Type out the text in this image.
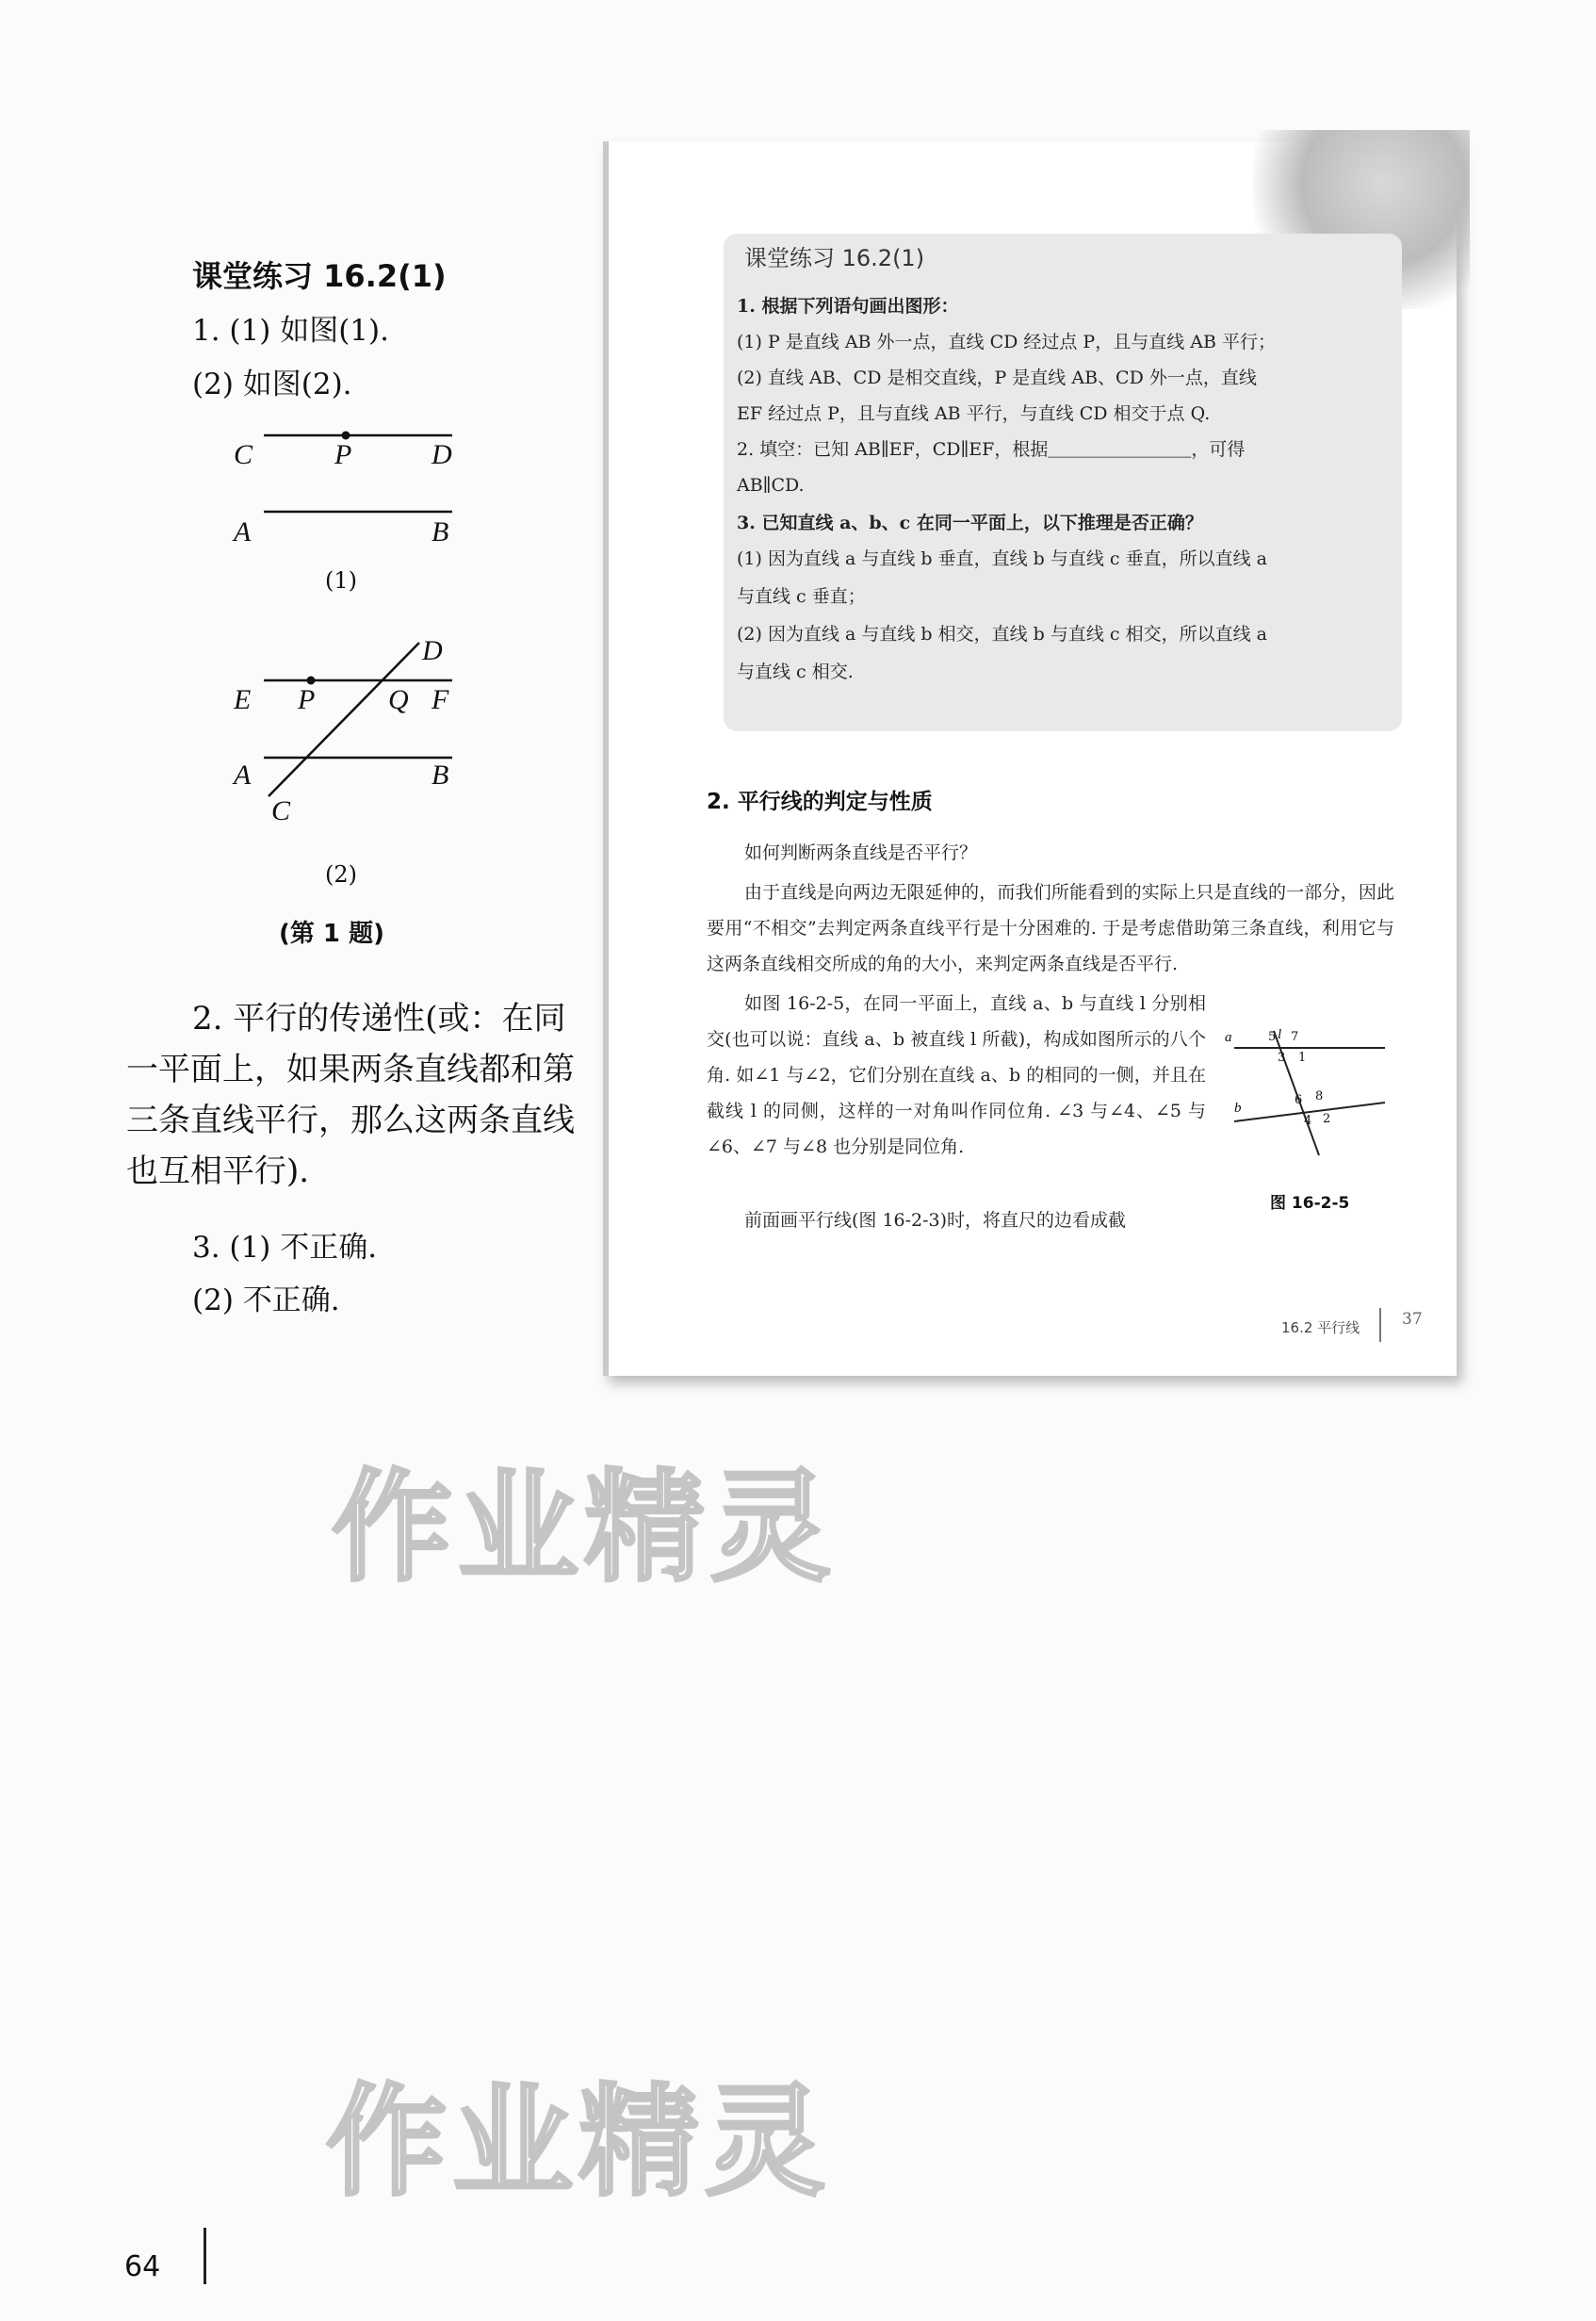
课堂练习 16.2(1)
1. (1) 如图(1).
(2) 如图(2).
C	P	D
A	B
(1)
D
E P	Q F
A	B
C
(2)
(第 1 题)
2. 平行的传递性(或：在同一平面上，如果两条直线都和第三条直线平行，那么这两条直线也互相平行).
3. (1) 不正确.
(2) 不正确.
课堂练习 16.2(1)
1. 根据下列语句画出图形：
(1) P 是直线 AB 外一点，直线 CD 经过点 P，且与直线 AB 平行；
(2) 直线 AB、CD 是相交直线，P 是直线 AB、CD 外一点，直线
EF 经过点 P，且与直线 AB 平行，与直线 CD 相交于点 Q.
2. 填空：已知 AB∥EF，CD∥EF，根据＿＿＿＿＿＿＿＿，可得
AB∥CD.
3. 已知直线 a、b、c 在同一平面上，以下推理是否正确？
(1) 因为直线 a 与直线 b 垂直，直线 b 与直线 c 垂直，所以直线 a
与直线 c 垂直；
(2) 因为直线 a 与直线 b 相交，直线 b 与直线 c 相交，所以直线 a
与直线 c 相交.
2. 平行线的判定与性质
如何判断两条直线是否平行？
由于直线是向两边无限延伸的，而我们所能看到的实际上只是直线的一部分，因此要用“不相交”去判定两条直线平行是十分困难的. 于是考虑借助第三条直线，利用它与这两条直线相交所成的角的大小，来判定两条直线是否平行.
如图 16-2-5，在同一平面上，直线 a、b 与直线 l 分别相交(也可以说：直线 a、b 被直线 l 所截)，构成如图所示的八个角. 如∠1 与∠2，它们分别在直线 a、b 的相同的一侧，并且在截线 l 的同侧，这样的一对角叫作同位角. ∠3 与∠4、∠5 与∠6、∠7 与∠8 也分别是同位角.
前面画平行线(图 16-2-3)时，将直尺的边看成截
l
a
b
5 7
3 1
6 8
4 2
图 16-2-5
16.2 平行线	37
作业精灵
作业精灵
64
